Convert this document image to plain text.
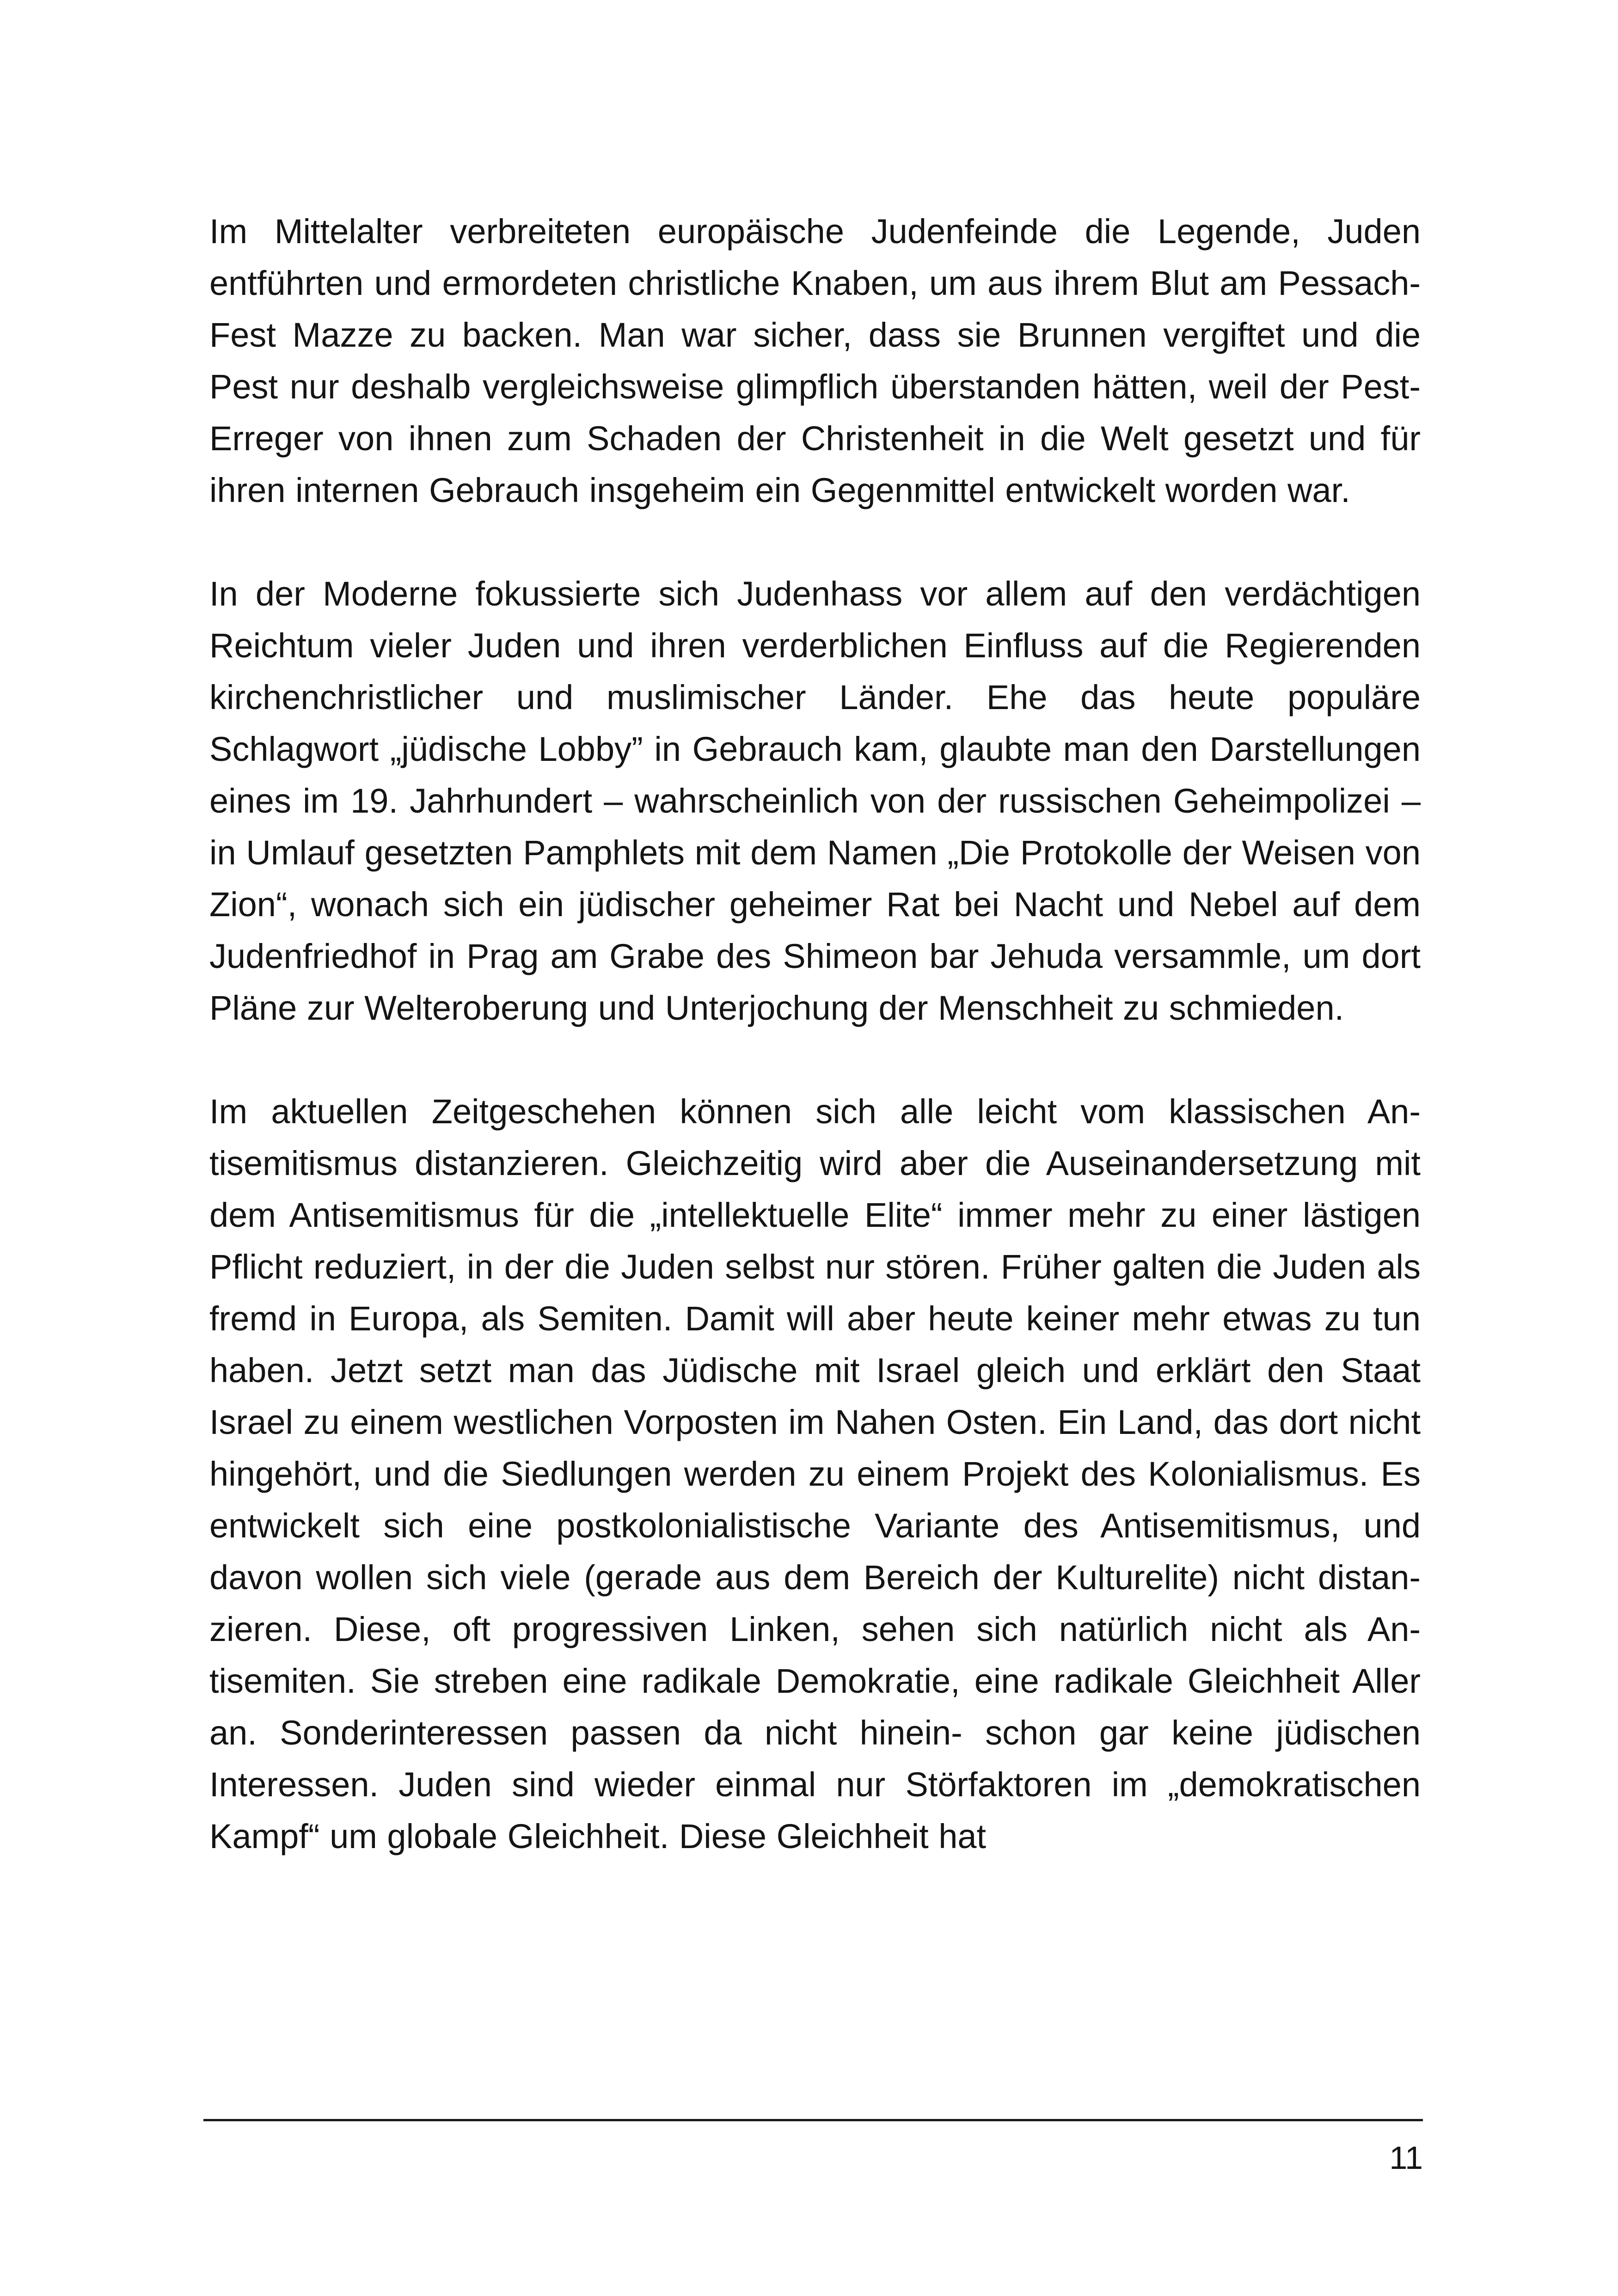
Im Mittelalter verbreiteten europäische Judenfeinde die Legende, Juden entführten und ermordeten christliche Knaben, um aus ihrem Blut am Pessach-Fest Mazze zu backen. Man war sicher, dass sie Brunnen vergiftet und die Pest nur deshalb vergleichsweise glimpflich überstanden hätten, weil der Pest-Erreger von ihnen zum Schaden der Christenheit in die Welt gesetzt und für ihren internen Gebrauch insgeheim ein Gegenmittel entwickelt worden war.

In der Moderne fokussierte sich Judenhass vor allem auf den verdächtigen Reichtum vieler Juden und ihren verderblichen Einfluss auf die Regierenden kirchenchristlicher und muslimischer Länder. Ehe das heute populäre Schlagwort „jüdische Lobby” in Gebrauch kam, glaubte man den Darstellungen eines im 19. Jahrhundert – wahrscheinlich von der russischen Geheimpolizei – in Umlauf gesetzten Pamphlets mit dem Namen „Die Protokolle der Weisen von Zion“, wonach sich ein jüdischer geheimer Rat bei Nacht und Nebel auf dem Judenfriedhof in Prag am Grabe des Shimeon bar Jehuda versammle, um dort Pläne zur Welteroberung und Unterjochung der Menschheit zu schmieden.

Im aktuellen Zeitgeschehen können sich alle leicht vom klassischen Antisemitismus distanzieren. Gleichzeitig wird aber die Auseinandersetzung mit dem Antisemitismus für die „intellektuelle Elite“ immer mehr zu einer lästigen Pflicht reduziert, in der die Juden selbst nur stören. Früher galten die Juden als fremd in Europa, als Semiten. Damit will aber heute keiner mehr etwas zu tun haben. Jetzt setzt man das Jüdische mit Israel gleich und erklärt den Staat Israel zu einem westlichen Vorposten im Nahen Osten. Ein Land, das dort nicht hingehört, und die Siedlungen werden zu einem Projekt des Kolonialismus. Es entwickelt sich eine postkolonialistische Variante des Antisemitismus, und davon wollen sich viele (gerade aus dem Bereich der Kulturelite) nicht distanzieren. Diese, oft progressiven Linken, sehen sich natürlich nicht als Antisemiten. Sie streben eine radikale Demokratie, eine radikale Gleichheit Aller an. Sonderinteressen passen da nicht hinein- schon gar keine jüdischen Interessen. Juden sind wieder einmal nur Störfaktoren im „demokratischen Kampf“ um globale Gleichheit. Diese Gleichheit hat

11
